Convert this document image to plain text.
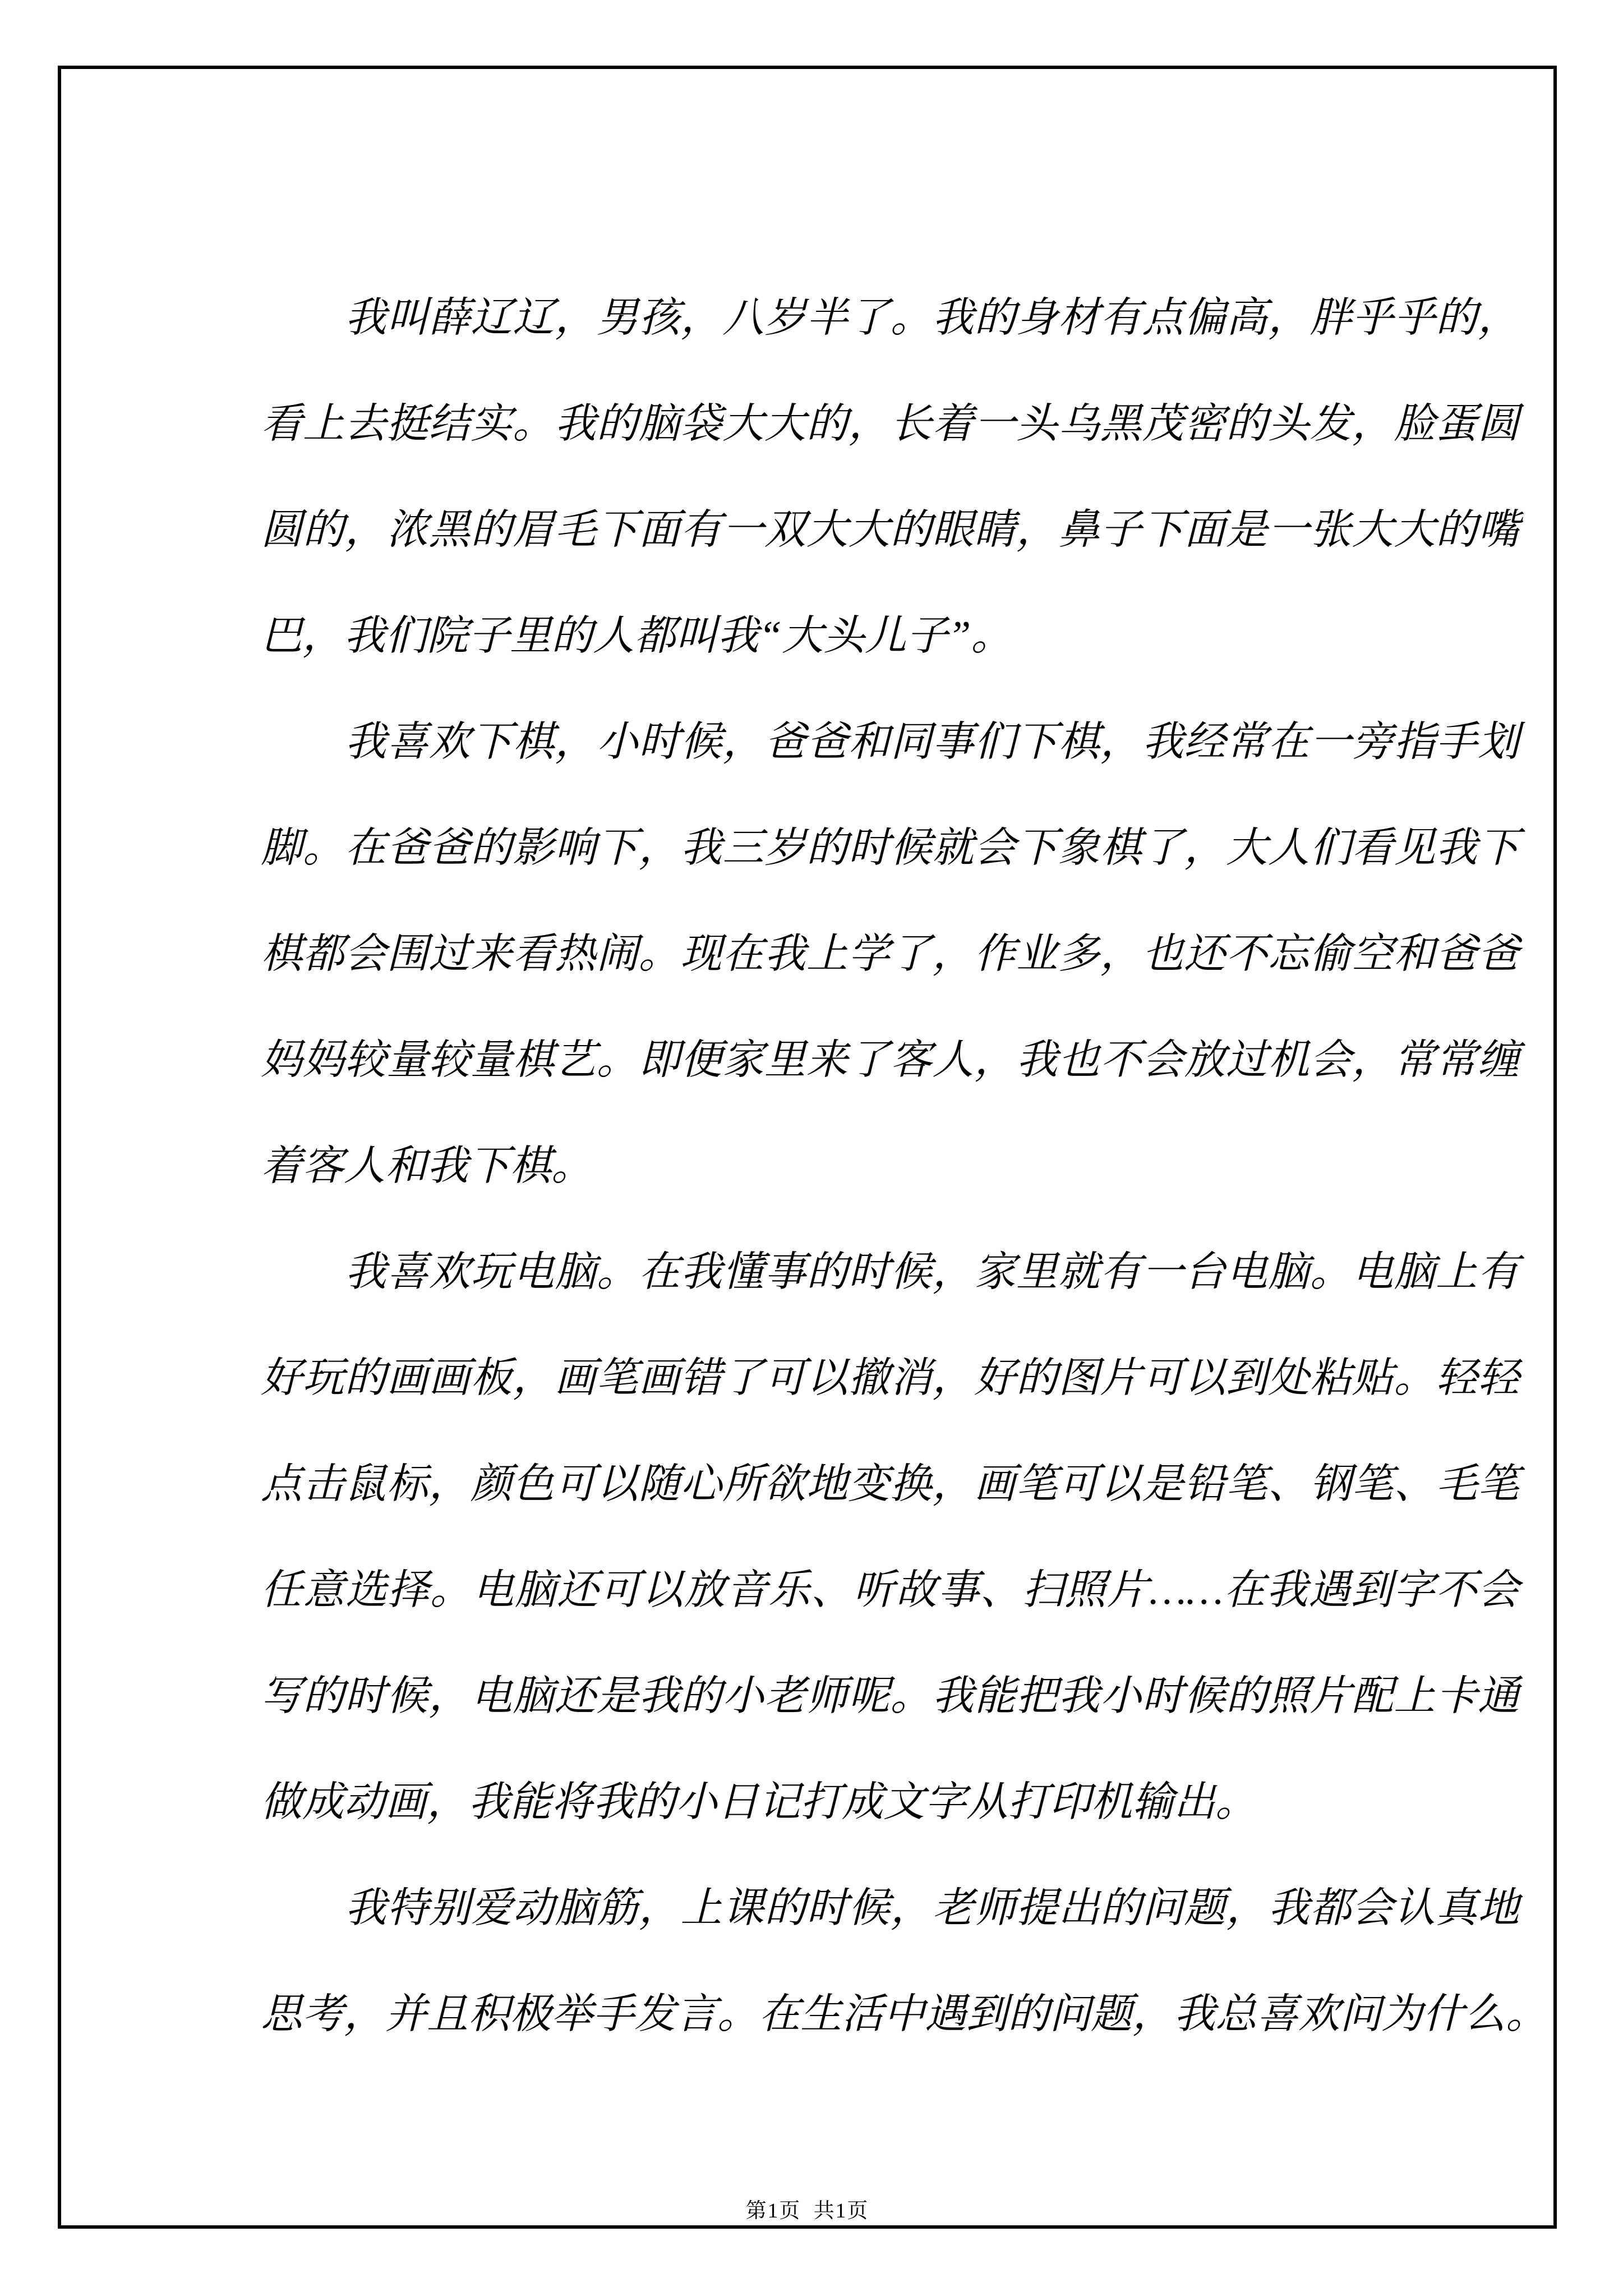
我叫薛辽辽，男孩，八岁半了。我的身材有点偏高，胖乎乎的，
看上去挺结实。我的脑袋大大的，长着一头乌黑茂密的头发，脸蛋圆
圆的，浓黑的眉毛下面有一双大大的眼睛，鼻子下面是一张大大的嘴
巴，我们院子里的人都叫我“大头儿子”。

我喜欢下棋，小时候，爸爸和同事们下棋，我经常在一旁指手划
脚。在爸爸的影响下，我三岁的时候就会下象棋了，大人们看见我下
棋都会围过来看热闹。现在我上学了，作业多，也还不忘偷空和爸爸
妈妈较量较量棋艺。即便家里来了客人，我也不会放过机会，常常缠
着客人和我下棋。

我喜欢玩电脑。在我懂事的时候，家里就有一台电脑。电脑上有
好玩的画画板，画笔画错了可以撤消，好的图片可以到处粘贴。轻轻
点击鼠标，颜色可以随心所欲地变换，画笔可以是铅笔、钢笔、毛笔
任意选择。电脑还可以放音乐、听故事、扫照片……在我遇到字不会
写的时候，电脑还是我的小老师呢。我能把我小时候的照片配上卡通
做成动画，我能将我的小日记打成文字从打印机输出。

我特别爱动脑筋，上课的时候，老师提出的问题，我都会认真地
思考，并且积极举手发言。在生活中遇到的问题，我总喜欢问为什么。

第1页  共1页
